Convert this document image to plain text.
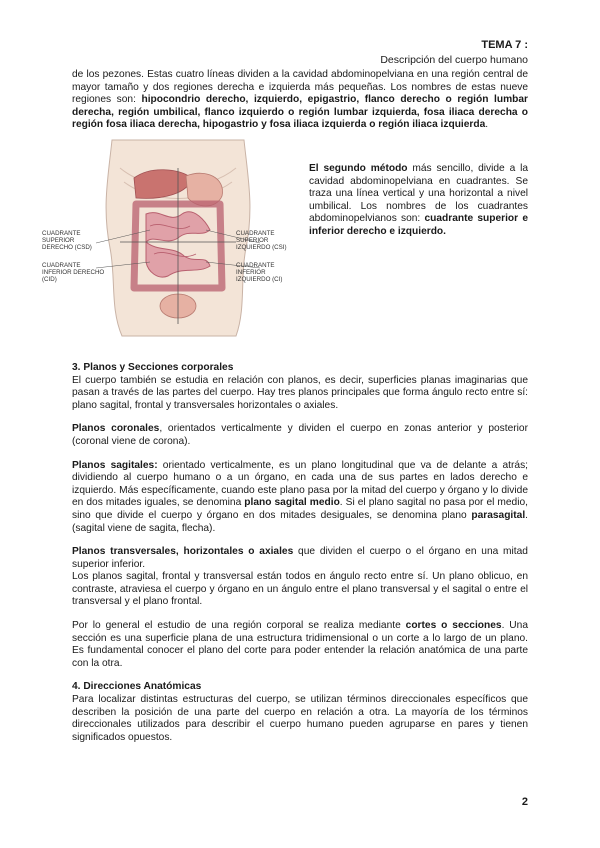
TEMA 7 :
Descripción del cuerpo humano

de los pezones. Estas cuatro líneas dividen a la cavidad abdominopelviana en una región central de mayor tamaño y dos regiones derecha e izquierda más pequeñas. Los nombres de estas nueve regiones son: hipocondrio derecho, izquierdo, epigastrio, flanco derecho o región lumbar derecha, región umbilical, flanco izquierdo o región lumbar izquierda, fosa iliaca derecha o región fosa iliaca derecha, hipogastrio y fosa iliaca izquierda o región iliaca izquierda.

CUADRANTE SUPERIOR DERECHO (CSD)
CUADRANTE INFERIOR DERECHO (CID)
CUADRANTE SUPERIOR IZQUIERDO (CSI)
CUADRANTE INFERIOR IZQUIERDO (CI)

El segundo método más sencillo, divide a la cavidad abdominopelviana en cuadrantes. Se traza una línea vertical y una horizontal a nivel umbilical. Los nombres de los cuadrantes abdominopelvianos son: cuadrante superior e inferior derecho e izquierdo.

3. Planos y Secciones corporales

El cuerpo también se estudia en relación con planos, es decir, superficies planas imaginarias que pasan a través de las partes del cuerpo. Hay tres planos principales que forma ángulo recto entre sí: plano sagital, frontal y transversales horizontales o axiales.

Planos coronales, orientados verticalmente y dividen el cuerpo en zonas anterior y posterior (coronal viene de corona).

Planos sagitales: orientado verticalmente, es un plano longitudinal que va de delante a atrás; dividiendo al cuerpo humano o a un órgano, en cada una de sus partes en lados derecho e izquierdo. Más específicamente, cuando este plano pasa por la mitad del cuerpo y órgano y lo divide en dos mitades iguales, se denomina plano sagital medio. Si el plano sagital no pasa por el medio, sino que divide el cuerpo y órgano en dos mitades desiguales, se denomina plano parasagital. (sagital viene de sagita, flecha).

Planos transversales, horizontales o axiales que dividen el cuerpo o el órgano en una mitad superior inferior.

Los planos sagital, frontal y transversal están todos en ángulo recto entre sí. Un plano oblicuo, en contraste, atraviesa el cuerpo y órgano en un ángulo entre el plano transversal y el sagital o entre el transversal y el plano frontal.

Por lo general el estudio de una región corporal se realiza mediante cortes o secciones. Una sección es una superficie plana de una estructura tridimensional o un corte a lo largo de un plano. Es fundamental conocer el plano del corte para poder entender la relación anatómica de una parte con la otra.

4. Direcciones Anatómicas

Para localizar distintas estructuras del cuerpo, se utilizan términos direccionales específicos que describen la posición de una parte del cuerpo en relación a otra. La mayoría de los términos direccionales utilizados para describir el cuerpo humano pueden agruparse en pares y tienen significados opuestos.

2
